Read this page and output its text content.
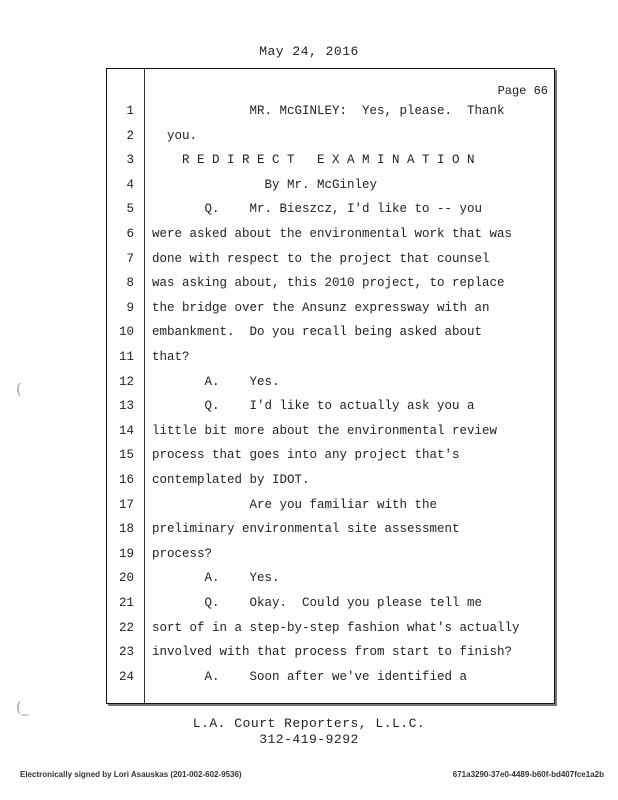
May 24, 2016
Page 66
1 MR. McGINLEY:  Yes, please.  Thank
2 you.
3 R E D I R E C T   E X A M I N A T I O N
4 By Mr. McGinley
5 Q.    Mr. Bieszcz, I'd like to -- you
6 were asked about the environmental work that was
7 done with respect to the project that counsel
8 was asking about, this 2010 project, to replace
9 the bridge over the Ansunz expressway with an
10 embankment.  Do you recall being asked about
11 that?
12 A.    Yes.
13 Q.    I'd like to actually ask you a
14 little bit more about the environmental review
15 process that goes into any project that's
16 contemplated by IDOT.
17 Are you familiar with the
18 preliminary environmental site assessment
19 process?
20 A.    Yes.
21 Q.    Okay.  Could you please tell me
22 sort of in a step-by-step fashion what's actually
23 involved with that process from start to finish?
24 A.    Soon after we've identified a
L.A. Court Reporters, L.L.C.
312-419-9292
Electronically signed by Lori Asauskas (201-002-602-9536)	671a3290-37e0-4489-b60f-bd407fce1a2b
(
(_
